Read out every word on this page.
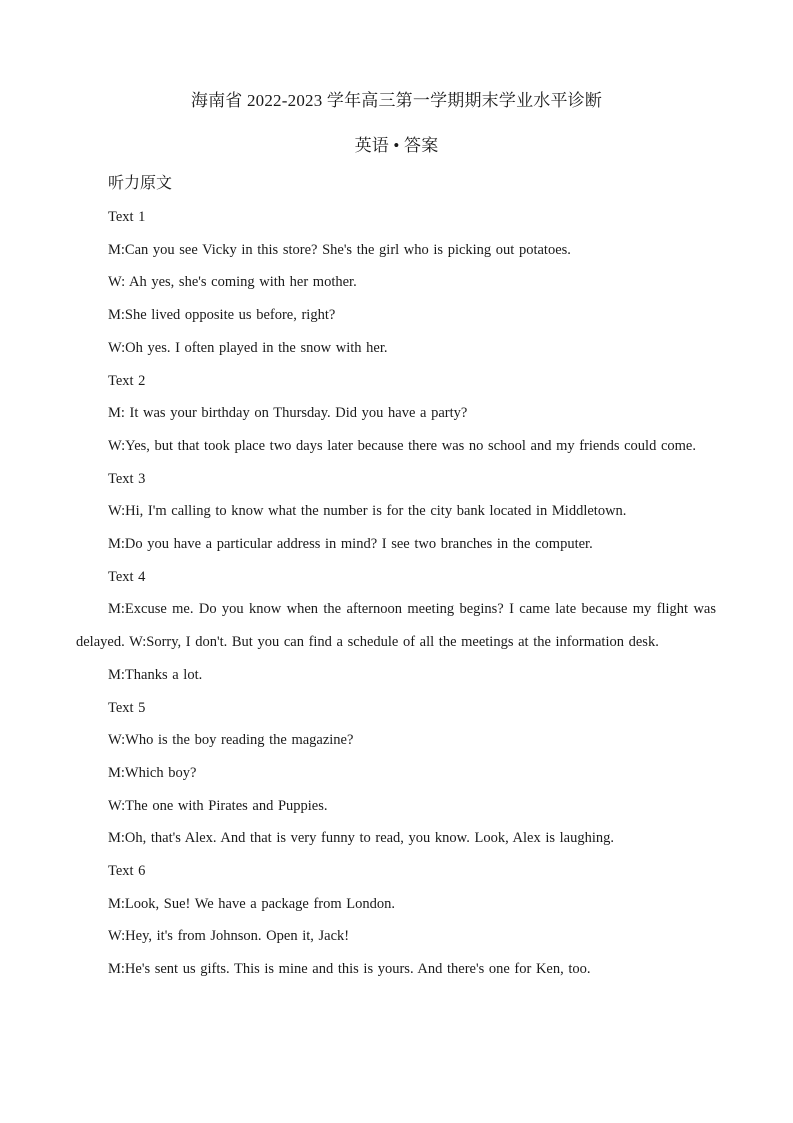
海南省 2022-2023 学年高三第一学期期末学业水平诊断
英语 • 答案
听力原文
Text 1
M:Can you see Vicky in this store? She's the girl who is picking out potatoes.
W: Ah yes, she's coming with her mother.
M:She lived opposite us before, right?
W:Oh yes. I often played in the snow with her.
Text 2
M: It was your birthday on Thursday. Did you have a party?
W:Yes, but that took place two days later because there was no school and my friends could come.
Text 3
W:Hi, I'm calling to know what the number is for the city bank located in Middletown.
M:Do you have a particular address in mind? I see two branches in the computer.
Text 4
M:Excuse me. Do you know when the afternoon meeting begins? I came late because my flight was delayed. W:Sorry, I don't. But you can find a schedule of all the meetings at the information desk.
M:Thanks a lot.
Text 5
W:Who is the boy reading the magazine?
M:Which boy?
W:The one with Pirates and Puppies.
M:Oh, that's Alex. And that is very funny to read, you know. Look, Alex is laughing.
Text 6
M:Look, Sue! We have a package from London.
W:Hey, it's from Johnson. Open it, Jack!
M:He's sent us gifts. This is mine and this is yours. And there's one for Ken, too.
